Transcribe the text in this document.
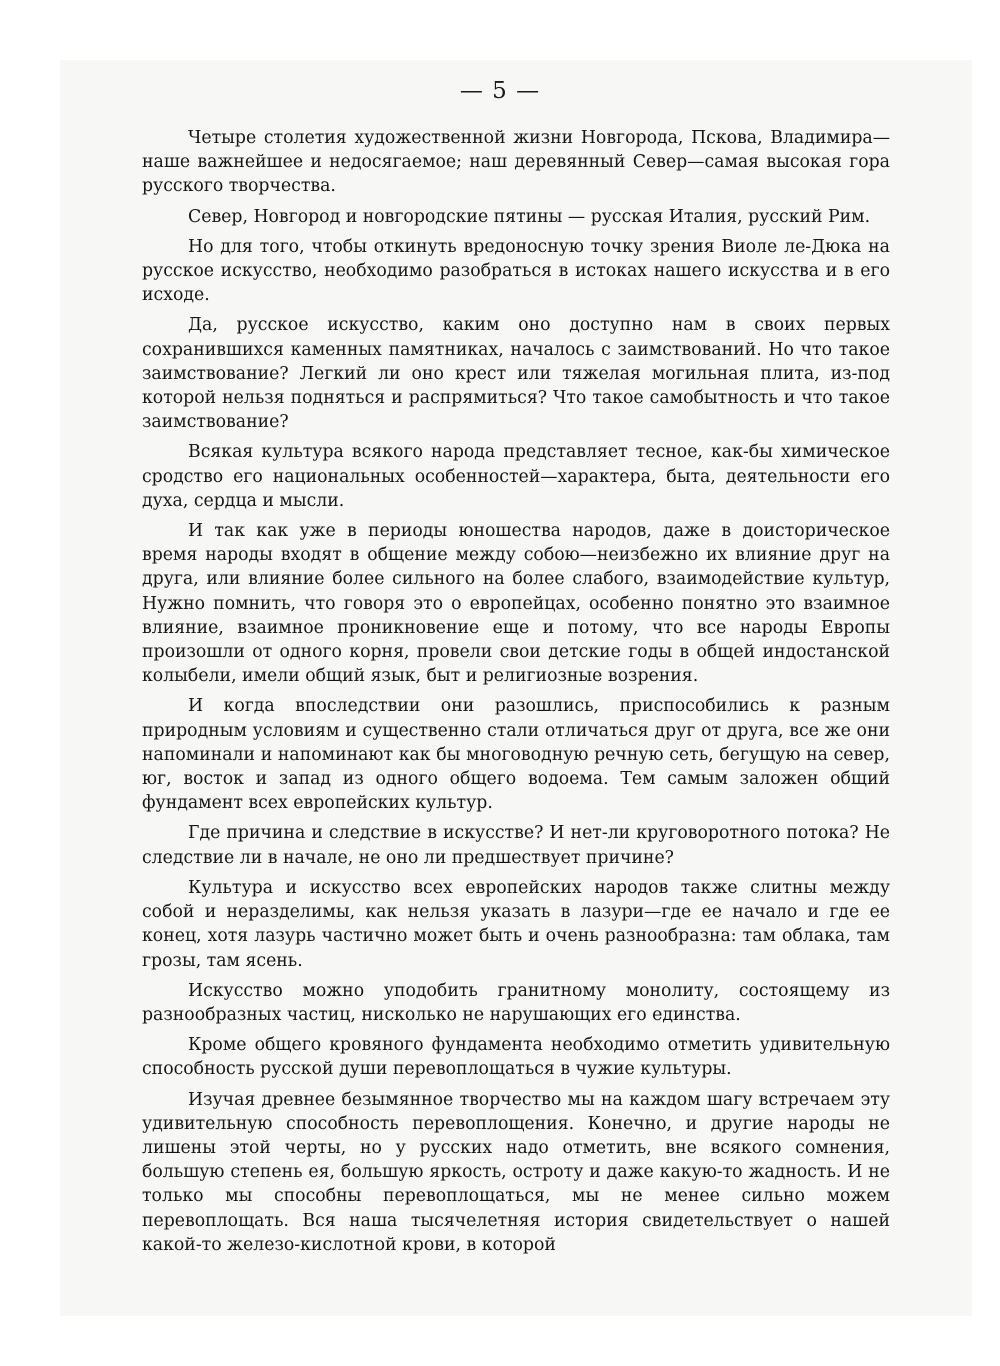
— 5 —

Четыре столетия художественной жизни Новгорода, Пскова, Владимира—наше важнейшее и недосягаемое; наш деревянный Север—самая высокая гора русского творчества.

Север, Новгород и новгородские пятины — русская Италия, русский Рим.

Но для того, чтобы откинуть вредоносную точку зрения Виоле ле-Дюка на русское искусство, необходимо разобраться в истоках нашего искусства и в его исходе.

Да, русское искусство, каким оно доступно нам в своих первых сохранившихся каменных памятниках, началось с заимствований. Но что такое заимствование? Легкий ли оно крест или тяжелая могильная плита, из-под которой нельзя подняться и распрямиться? Что такое самобытность и что такое заимствование?

Всякая культура всякого народа представляет тесное, как-бы химическое сродство его национальных особенностей—характера, быта, деятельности его духа, сердца и мысли.

И так как уже в периоды юношества народов, даже в доисторическое время народы входят в общение между собою—неизбежно их влияние друг на друга, или влияние более сильного на более слабого, взаимодействие культур, Нужно помнить, что говоря это о европейцах, особенно понятно это взаимное влияние, взаимное проникновение еще и потому, что все народы Европы произошли от одного корня, провели свои детские годы в общей индостанской колыбели, имели общий язык, быт и религиозные возрения.

И когда впоследствии они разошлись, приспособились к разным природным условиям и существенно стали отличаться друг от друга, все же они напоминали и напоминают как бы многоводную речную сеть, бегущую на север, юг, восток и запад из одного общего водоема. Тем самым заложен общий фундамент всех европейских культур.

Где причина и следствие в искусстве? И нет-ли круговоротного потока? Не следствие ли в начале, не оно ли предшествует причине?

Культура и искусство всех европейских народов также слитны между собой и неразделимы, как нельзя указать в лазури—где ее начало и где ее конец, хотя лазурь частично может быть и очень разнообразна: там облака, там грозы, там ясень.

Искусство можно уподобить гранитному монолиту, состоящему из разнообразных частиц, нисколько не нарушающих его единства.

Кроме общего кровяного фундамента необходимо отметить удивительную способность русской души перевоплощаться в чужие культуры.

Изучая древнее безымянное творчество мы на каждом шагу встречаем эту удивительную способность перевоплощения. Конечно, и другие народы не лишены этой черты, но у русских надо отметить, вне всякого сомнения, большую степень ея, большую яркость, остроту и даже какую-то жадность. И не только мы способны перевоплощаться, мы не менее сильно можем перевоплощать. Вся наша тысячелетняя история свидетельствует о нашей какой-то железо-кислотной крови, в которой
